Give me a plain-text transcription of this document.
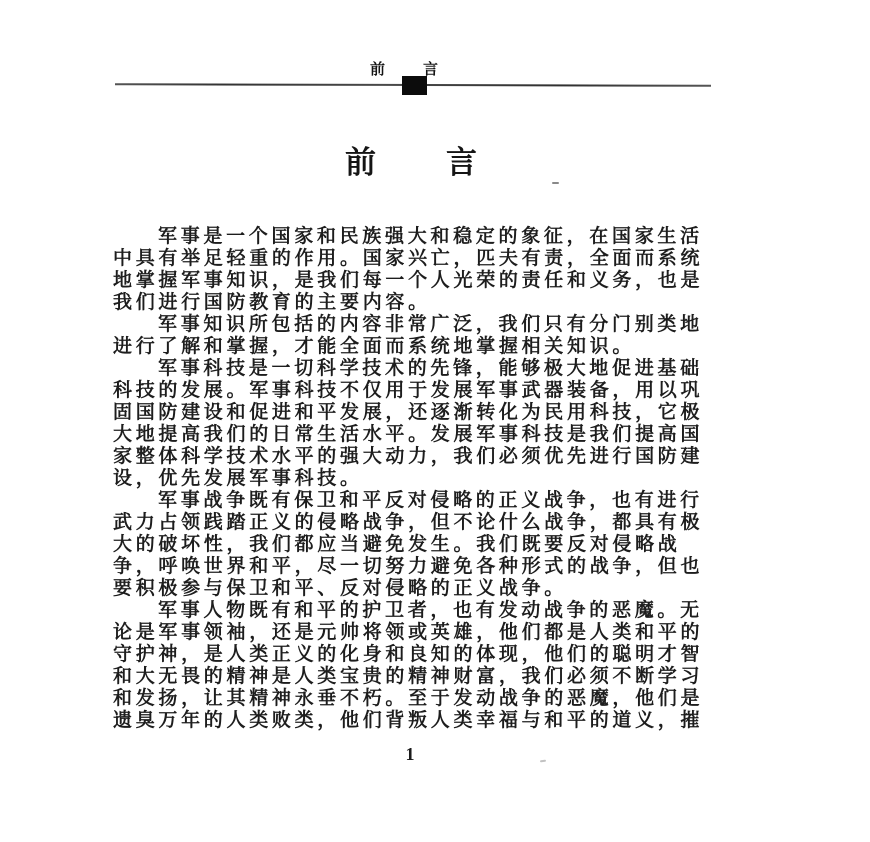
前 言
前 言
军事是一个国家和民族强大和稳定的象征，在国家生活
中具有举足轻重的作用。国家兴亡，匹夫有责，全面而系统
地掌握军事知识，是我们每一个人光荣的责任和义务，也是
我们进行国防教育的主要内容。
军事知识所包括的内容非常广泛，我们只有分门别类地
进行了解和掌握，才能全面而系统地掌握相关知识。
军事科技是一切科学技术的先锋，能够极大地促进基础
科技的发展。军事科技不仅用于发展军事武器装备，用以巩
固国防建设和促进和平发展，还逐渐转化为民用科技，它极
大地提高我们的日常生活水平。发展军事科技是我们提高国
家整体科学技术水平的强大动力，我们必须优先进行国防建
设，优先发展军事科技。
军事战争既有保卫和平反对侵略的正义战争，也有进行
武力占领践踏正义的侵略战争，但不论什么战争，都具有极
大的破坏性，我们都应当避免发生。我们既要反对侵略战
争，呼唤世界和平，尽一切努力避免各种形式的战争，但也
要积极参与保卫和平、反对侵略的正义战争。
军事人物既有和平的护卫者，也有发动战争的恶魔。无
论是军事领袖，还是元帅将领或英雄，他们都是人类和平的
守护神，是人类正义的化身和良知的体现，他们的聪明才智
和大无畏的精神是人类宝贵的精神财富，我们必须不断学习
和发扬，让其精神永垂不朽。至于发动战争的恶魔，他们是
遗臭万年的人类败类，他们背叛人类幸福与和平的道义，摧
1
